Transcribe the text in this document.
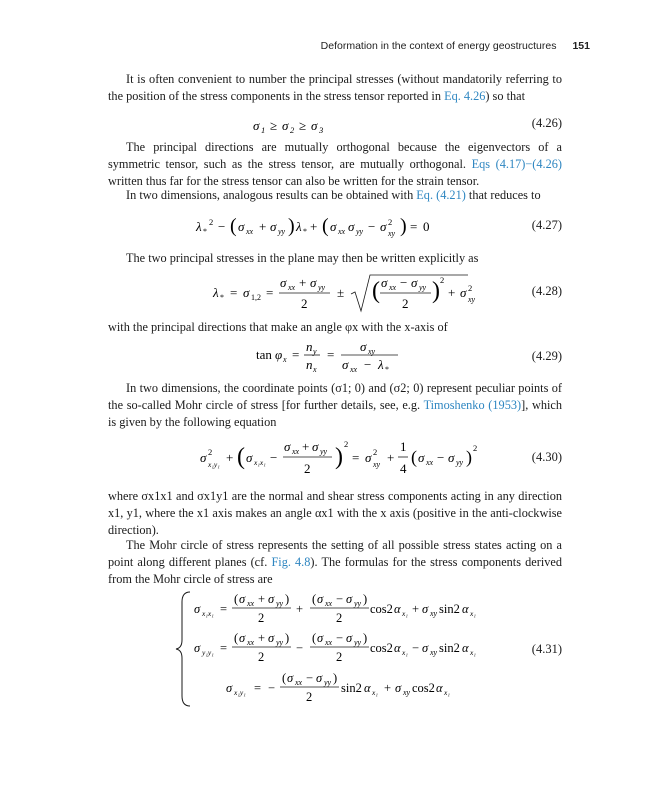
Deformation in the context of energy geostructures 151

It is often convenient to number the principal stresses (without mandatorily referring to the position of the stress components in the stress tensor reported in Eq. 4.26) so that

σ 1 ≥ σ 2 ≥ σ 3	(4.26)

The principal directions are mutually orthogonal because the eigenvectors of a symmetric tensor, such as the stress tensor, are mutually orthogonal. Eqs (4.17)−(4.26) written thus far for the stress tensor can also be written for the strain tensor.

In two dimensions, analogous results can be obtained with Eq. (4.21) that reduces to

λ *
2 − ( σ xx + σ yy ) λ * + ( σ xx σ yy − σ 2
xy ) = 0	(4.27)

The two principal stresses in the plane may then be written explicitly as

λ * = σ 1,2 =
σ xx + σ yy
2
± ( σ xx − σ yy
2 ) 2
+ σ 2
xy
(4.28)

with the principal directions that make an angle φx with the x-axis of

tan φ x =
n y
n x
=
σ xy
σ xx − λ *
(4.29)

In two dimensions, the coordinate points (σ1; 0) and (σ2; 0) represent peculiar points of the so-called Mohr circle of stress [for further details, see, e.g. Timoshenko (1953)], which is given by the following equation

σ 2
x₁y₁ + ( σ x₁x₁ −
σ xx + σ yy
2 ) 2
= σ 2
xy +
1
4
( σ xx − σ yy ) 2
(4.30)

where σx1x1 and σx1y1 are the normal and shear stress components acting in any direction x1, y1, where the x1 axis makes an angle αx1 with the x axis (positive in the anti-clockwise direction).

The Mohr circle of stress represents the setting of all possible stress states acting on a point along different planes (cf. Fig. 4.8). The formulas for the stress components derived from the Mohr circle of stress are

σ x₁x₁ =
( σ xx + σ yy )
2
+
( σ xx − σ yy )
2
cos2 α x₁ + σ xy sin2 α x₁
σ y₁y₁ =
( σ xx + σ yy )
2
−
( σ xx − σ yy )
2
cos2 α x₁ − σ xy sin2 α x₁
σ x₁y₁ = −
( σ xx − σ yy )
2
sin2 α x₁ + σ xy cos2 α x₁
(4.31)
